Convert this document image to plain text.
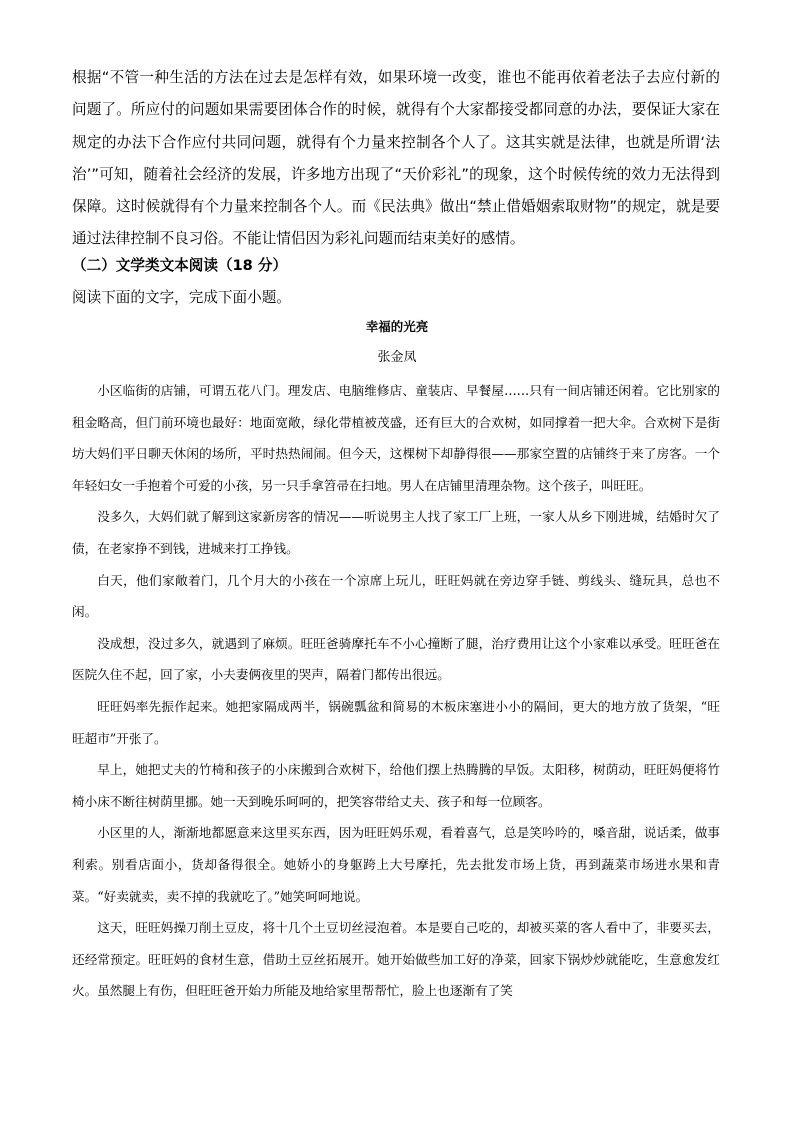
根据“不管一种生活的方法在过去是怎样有效，如果环境一改变，谁也不能再依着老法子去应付新的问题了。所应付的问题如果需要团体合作的时候，就得有个大家都接受都同意的办法，要保证大家在规定的办法下合作应付共同问题，就得有个力量来控制各个人了。这其实就是法律，也就是所谓‘法治’”可知，随着社会经济的发展，许多地方出现了“天价彩礼”的现象，这个时候传统的效力无法得到保障。这时候就得有个力量来控制各个人。而《民法典》做出“禁止借婚姻索取财物”的规定，就是要通过法律控制不良习俗。不能让情侣因为彩礼问题而结束美好的感情。
（二）文学类文本阅读（18 分）
阅读下面的文字，完成下面小题。
幸福的光亮
张金凤

小区临街的店铺，可谓五花八门。理发店、电脑维修店、童装店、早餐屋……只有一间店铺还闲着。它比别家的租金略高，但门前环境也最好：地面宽敞，绿化带植被茂盛，还有巨大的合欢树，如同撑着一把大伞。合欢树下是街坊大妈们平日聊天休闲的场所，平时热热闹闹。但今天，这棵树下却静得很——那家空置的店铺终于来了房客。一个年轻妇女一手抱着个可爱的小孩，另一只手拿笤帚在扫地。男人在店铺里清理杂物。这个孩子，叫旺旺。

没多久，大妈们就了解到这家新房客的情况——听说男主人找了家工厂上班，一家人从乡下刚进城，结婚时欠了债，在老家挣不到钱，进城来打工挣钱。

白天，他们家敞着门，几个月大的小孩在一个凉席上玩儿，旺旺妈就在旁边穿手链、剪线头、缝玩具，总也不闲。

没成想，没过多久，就遇到了麻烦。旺旺爸骑摩托车不小心撞断了腿，治疗费用让这个小家难以承受。旺旺爸在医院久住不起，回了家，小夫妻俩夜里的哭声，隔着门都传出很远。

旺旺妈率先振作起来。她把家隔成两半，锅碗瓢盆和简易的木板床塞进小小的隔间，更大的地方放了货架，“旺旺超市”开张了。

早上，她把丈夫的竹椅和孩子的小床搬到合欢树下，给他们摆上热腾腾的早饭。太阳移，树荫动，旺旺妈便将竹椅小床不断往树荫里挪。她一天到晚乐呵呵的，把笑容带给丈夫、孩子和每一位顾客。

小区里的人，渐渐地都愿意来这里买东西，因为旺旺妈乐观，看着喜气，总是笑吟吟的，嗓音甜，说话柔，做事利索。别看店面小，货却备得很全。她娇小的身躯跨上大号摩托，先去批发市场上货，再到蔬菜市场进水果和青菜。“好卖就卖，卖不掉的我就吃了。”她笑呵呵地说。

这天，旺旺妈操刀削土豆皮，将十几个土豆切丝浸泡着。本是要自己吃的，却被买菜的客人看中了，非要买去，还经常预定。旺旺妈的食材生意，借助土豆丝拓展开。她开始做些加工好的净菜，回家下锅炒炒就能吃，生意愈发红火。虽然腿上有伤，但旺旺爸开始力所能及地给家里帮帮忙，脸上也逐渐有了笑
